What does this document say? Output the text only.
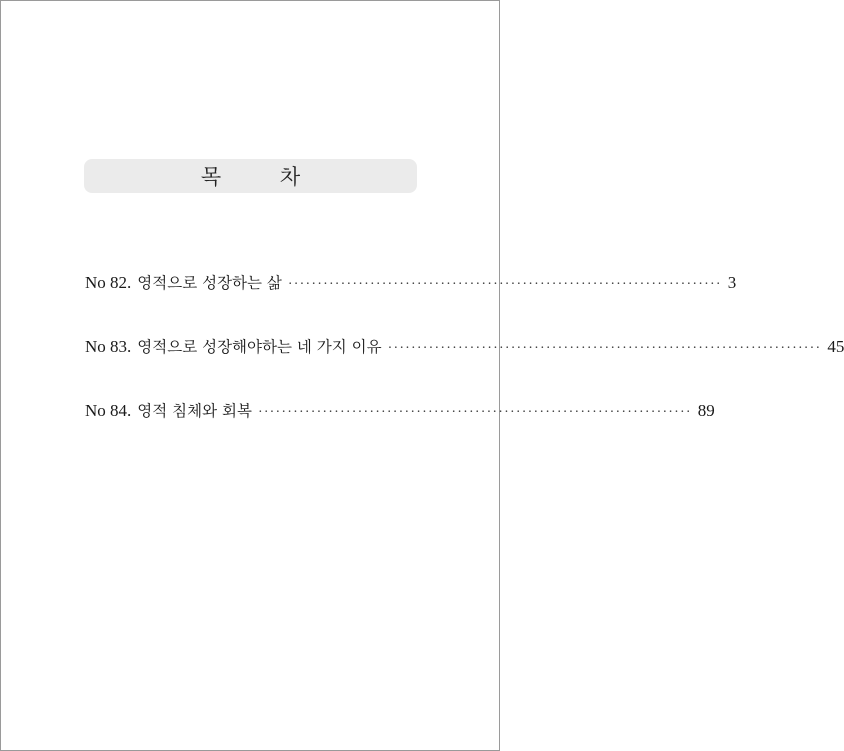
목 차
No 82. 영적으로 성장하는 삶 ·········································································· 3
No 83. 영적으로 성장해야하는 네 가지 이유 ·········································································· 45
No 84. 영적 침체와 회복 ·········································································· 89
